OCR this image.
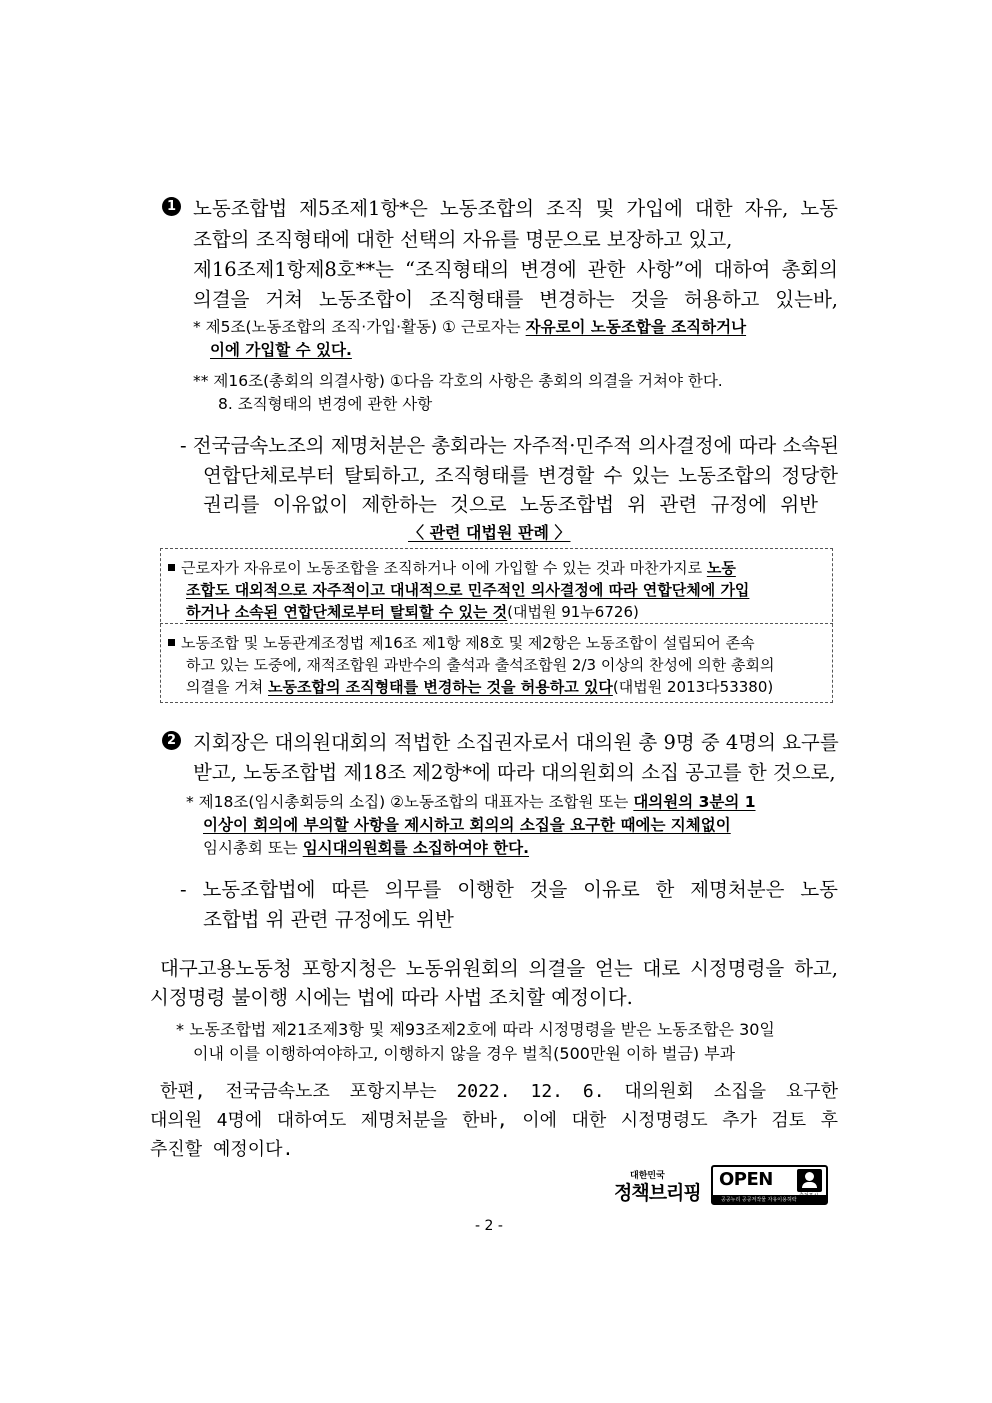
1 노동조합법 제5조제1항*은 노동조합의 조직 및 가입에 대한 자유, 노동
조합의 조직형태에 대한 선택의 자유를 명문으로 보장하고 있고,
제16조제1항제8호**는 “조직형태의 변경에 관한 사항”에 대하여 총회의
의결을 거쳐 노동조합이 조직형태를 변경하는 것을 허용하고 있는바,
* 제5조(노동조합의 조직·가입·활동) ① 근로자는 자유로이 노동조합을 조직하거나
이에 가입할 수 있다.
** 제16조(총회의 의결사항) ①다음 각호의 사항은 총회의 의결을 거쳐야 한다.
8. 조직형태의 변경에 관한 사항
- 전국금속노조의 제명처분은 총회라는 자주적·민주적 의사결정에 따라 소속된
연합단체로부터 탈퇴하고, 조직형태를 변경할 수 있는 노동조합의 정당한
권리를 이유없이 제한하는 것으로 노동조합법 위 관련 규정에 위반
〈 관련 대법원 판례 〉
근로자가 자유로이 노동조합을 조직하거나 이에 가입할 수 있는 것과 마찬가지로 노동
조합도 대외적으로 자주적이고 대내적으로 민주적인 의사결정에 따라 연합단체에 가입
하거나 소속된 연합단체로부터 탈퇴할 수 있는 것(대법원 91누6726)
노동조합 및 노동관계조정법 제16조 제1항 제8호 및 제2항은 노동조합이 설립되어 존속
하고 있는 도중에, 재적조합원 과반수의 출석과 출석조합원 2/3 이상의 찬성에 의한 총회의
의결을 거쳐 노동조합의 조직형태를 변경하는 것을 허용하고 있다(대법원 2013다53380)
2 지회장은 대의원대회의 적법한 소집권자로서 대의원 총 9명 중 4명의 요구를
받고, 노동조합법 제18조 제2항*에 따라 대의원회의 소집 공고를 한 것으로,
* 제18조(임시총회등의 소집) ②노동조합의 대표자는 조합원 또는 대의원의 3분의 1
이상이 회의에 부의할 사항을 제시하고 회의의 소집을 요구한 때에는 지체없이
임시총회 또는 임시대의원회를 소집하여야 한다.
- 노동조합법에 따른 의무를 이행한 것을 이유로 한 제명처분은 노동
조합법 위 관련 규정에도 위반
대구고용노동청 포항지청은 노동위원회의 의결을 얻는 대로 시정명령을 하고,
시정명령 불이행 시에는 법에 따라 사법 조치할 예정이다.
* 노동조합법 제21조제3항 및 제93조제2호에 따라 시정명령을 받은 노동조합은 30일
이내 이를 이행하여야하고, 이행하지 않을 경우 벌칙(500만원 이하 벌금) 부과
한편, 전국금속노조 포항지부는 2022. 12. 6. 대의원회 소집을 요구한
대의원 4명에 대하여도 제명처분을 한바, 이에 대한 시정명령도 추가 검토 후
추진할 예정이다.
대한민국
정책브리핑
OPEN
공공누리 공공저작물 자유이용허락
- 2 -
